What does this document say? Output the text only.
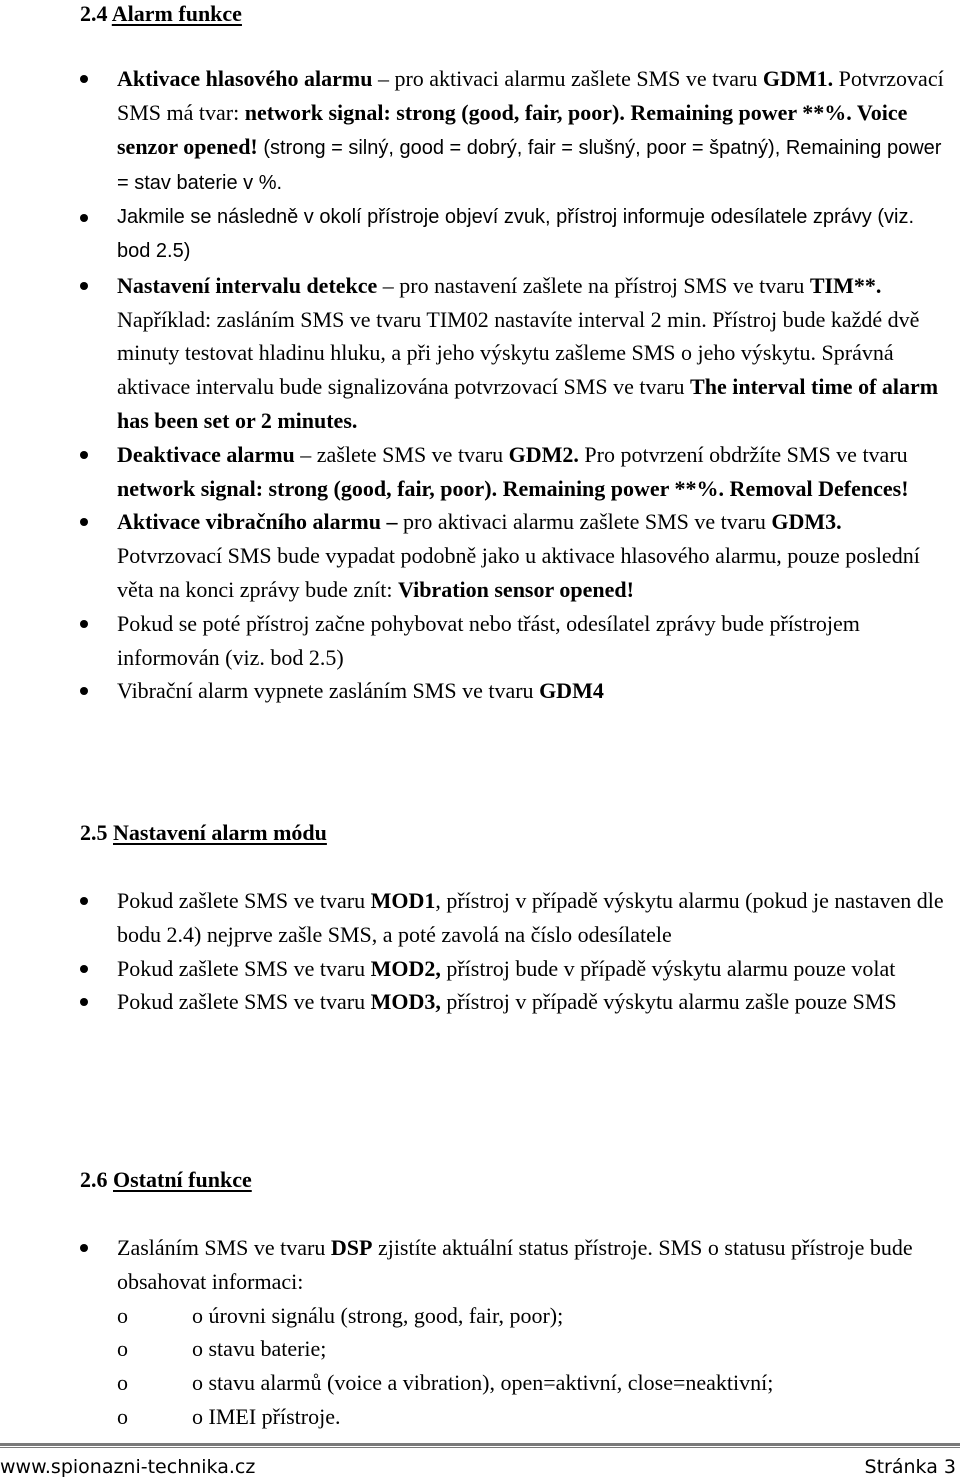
2.4 Alarm funkce
Aktivace hlasového alarmu – pro aktivaci alarmu zašlete SMS ve tvaru GDM1. Potvrzovací SMS má tvar: network signal: strong (good, fair, poor). Remaining power **%. Voice senzor opened! (strong = silný, good = dobrý, fair = slušný, poor = špatný), Remaining power = stav baterie v %.
Jakmile se následně v okolí přístroje objeví zvuk, přístroj informuje odesílatele zprávy (viz. bod 2.5)
Nastavení intervalu detekce – pro nastavení zašlete na přístroj SMS ve tvaru TIM**. Například: zasláním SMS ve tvaru TIM02 nastavíte interval 2 min. Přístroj bude každé dvě minuty testovat hladinu hluku, a při jeho výskytu zašleme SMS o jeho výskytu. Správná aktivace intervalu bude signalizována potvrzovací SMS ve tvaru The interval time of alarm has been set or 2 minutes.
Deaktivace alarmu – zašlete SMS ve tvaru GDM2. Pro potvrzení obdržíte SMS ve tvaru network signal: strong (good, fair, poor). Remaining power **%. Removal Defences!
Aktivace vibračního alarmu – pro aktivaci alarmu zašlete SMS ve tvaru GDM3. Potvrzovací SMS bude vypadat podobně jako u aktivace hlasového alarmu, pouze poslední věta na konci zprávy bude znít: Vibration sensor opened!
Pokud se poté přístroj začne pohybovat nebo třást, odesílatel zprávy bude přístrojem informován (viz. bod 2.5)
Vibrační alarm vypnete zasláním SMS ve tvaru GDM4
2.5 Nastavení alarm módu
Pokud zašlete SMS ve tvaru MOD1, přístroj v případě výskytu alarmu (pokud je nastaven dle bodu 2.4) nejprve zašle SMS, a poté zavolá na číslo odesílatele
Pokud zašlete SMS ve tvaru MOD2, přístroj bude v případě výskytu alarmu pouze volat
Pokud zašlete SMS ve tvaru MOD3, přístroj v případě výskytu alarmu zašle pouze SMS
2.6 Ostatní funkce
Zasláním SMS ve tvaru DSP zjistíte aktuální status přístroje. SMS o statusu přístroje bude obsahovat informaci:
o	o úrovni signálu (strong, good, fair, poor);
o	o stavu baterie;
o	o stavu alarmů (voice a vibration), open=aktivní, close=neaktivní;
o	o IMEI přístroje.
www.spionazni-technika.cz	Stránka 3
